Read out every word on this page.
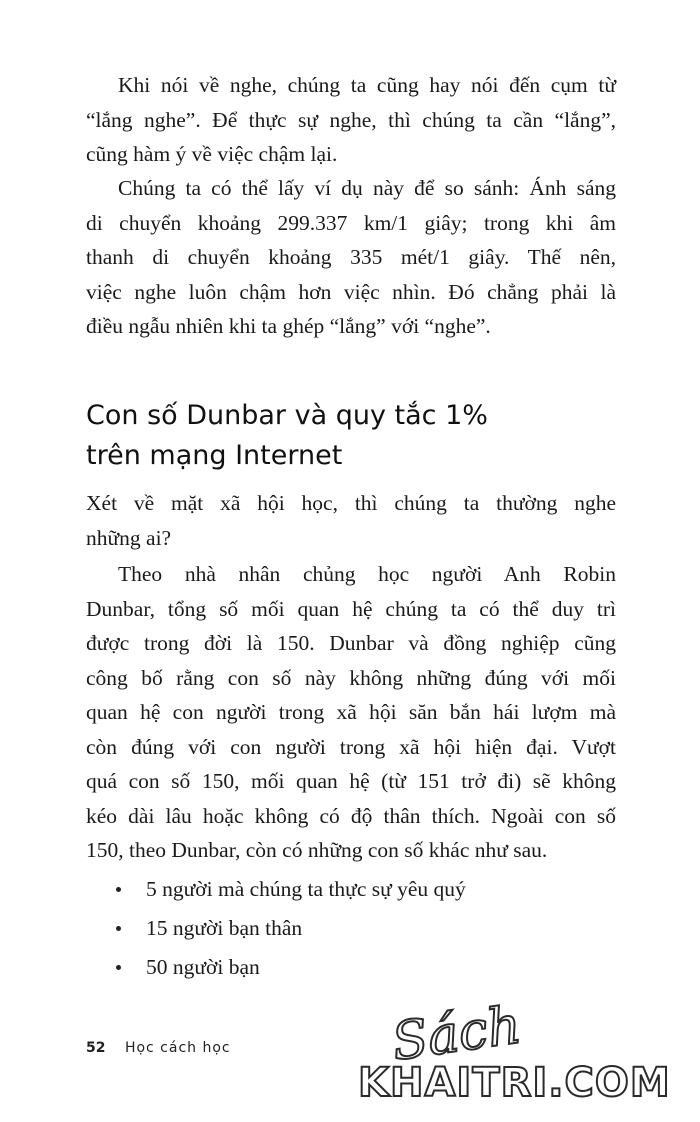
Khi nói về nghe, chúng ta cũng hay nói đến cụm từ
“lắng nghe”. Để thực sự nghe, thì chúng ta cần “lắng”,
cũng hàm ý về việc chậm lại.

Chúng ta có thể lấy ví dụ này để so sánh: Ánh sáng
di chuyển khoảng 299.337 km/1 giây; trong khi âm
thanh di chuyển khoảng 335 mét/1 giây. Thế nên,
việc nghe luôn chậm hơn việc nhìn. Đó chẳng phải là
điều ngẫu nhiên khi ta ghép “lắng” với “nghe”.

Con số Dunbar và quy tắc 1%
trên mạng Internet

Xét về mặt xã hội học, thì chúng ta thường nghe
những ai?

Theo nhà nhân chủng học người Anh Robin
Dunbar, tổng số mối quan hệ chúng ta có thể duy trì
được trong đời là 150. Dunbar và đồng nghiệp cũng
công bố rằng con số này không những đúng với mối
quan hệ con người trong xã hội săn bắn hái lượm mà
còn đúng với con người trong xã hội hiện đại. Vượt
quá con số 150, mối quan hệ (từ 151 trở đi) sẽ không
kéo dài lâu hoặc không có độ thân thích. Ngoài con số
150, theo Dunbar, còn có những con số khác như sau.

5 người mà chúng ta thực sự yêu quý
15 người bạn thân
50 người bạn
52 Học cách học	Sách
KHAITRI.COM
